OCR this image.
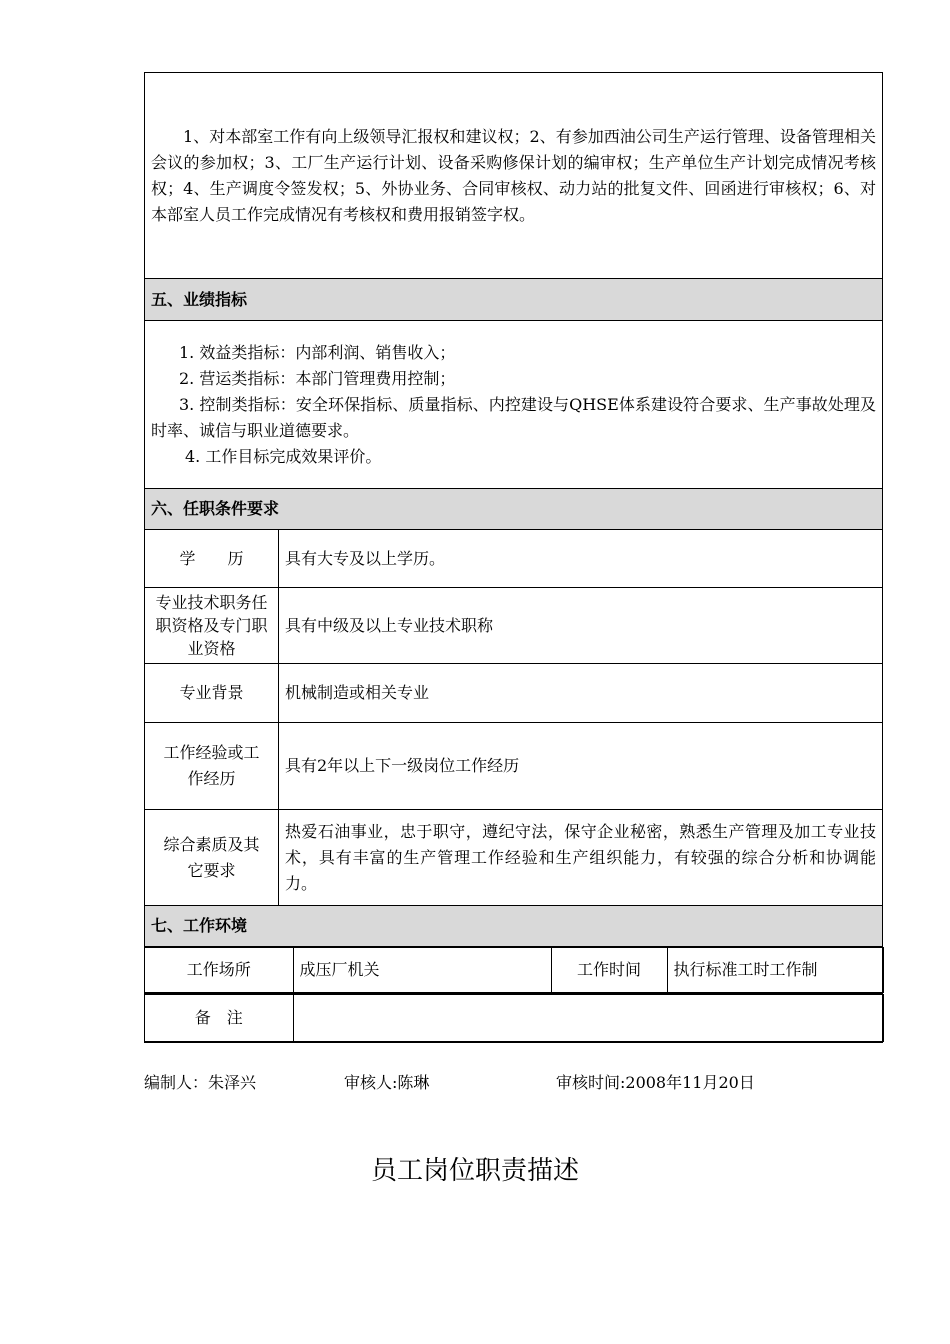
1、对本部室工作有向上级领导汇报权和建议权；2、有参加西油公司生产运行管理、设备管理相关会议的参加权；3、工厂生产运行计划、设备采购修保计划的编审权；生产单位生产计划完成情况考核权；4、生产调度令签发权；5、外协业务、合同审核权、动力站的批复文件、回函进行审核权；6、对本部室人员工作完成情况有考核权和费用报销签字权。
五、业绩指标

1. 效益类指标：内部利润、销售收入；
2. 营运类指标：本部门管理费用控制；
3. 控制类指标：安全环保指标、质量指标、内控建设与QHSE体系建设符合要求、生产事故处理及时率、诚信与职业道德要求。
4. 工作目标完成效果评价。

六、任职条件要求
学　　历	具有大专及以上学历。
专业技术职务任职资格及专门职业资格	具有中级及以上专业技术职称
专业背景	机械制造或相关专业
工作经验或工作经历	具有2年以上下一级岗位工作经历
综合素质及其它要求	热爱石油事业，忠于职守，遵纪守法，保守企业秘密，熟悉生产管理及加工专业技术，具有丰富的生产管理工作经验和生产组织能力，有较强的综合分析和协调能力。
七、工作环境

工作场所	成压厂机关	工作时间	执行标准工时工作制

备　注	
编制人：朱泽兴	审核人:陈琳	审核时间:2008年11月20日
员工岗位职责描述
